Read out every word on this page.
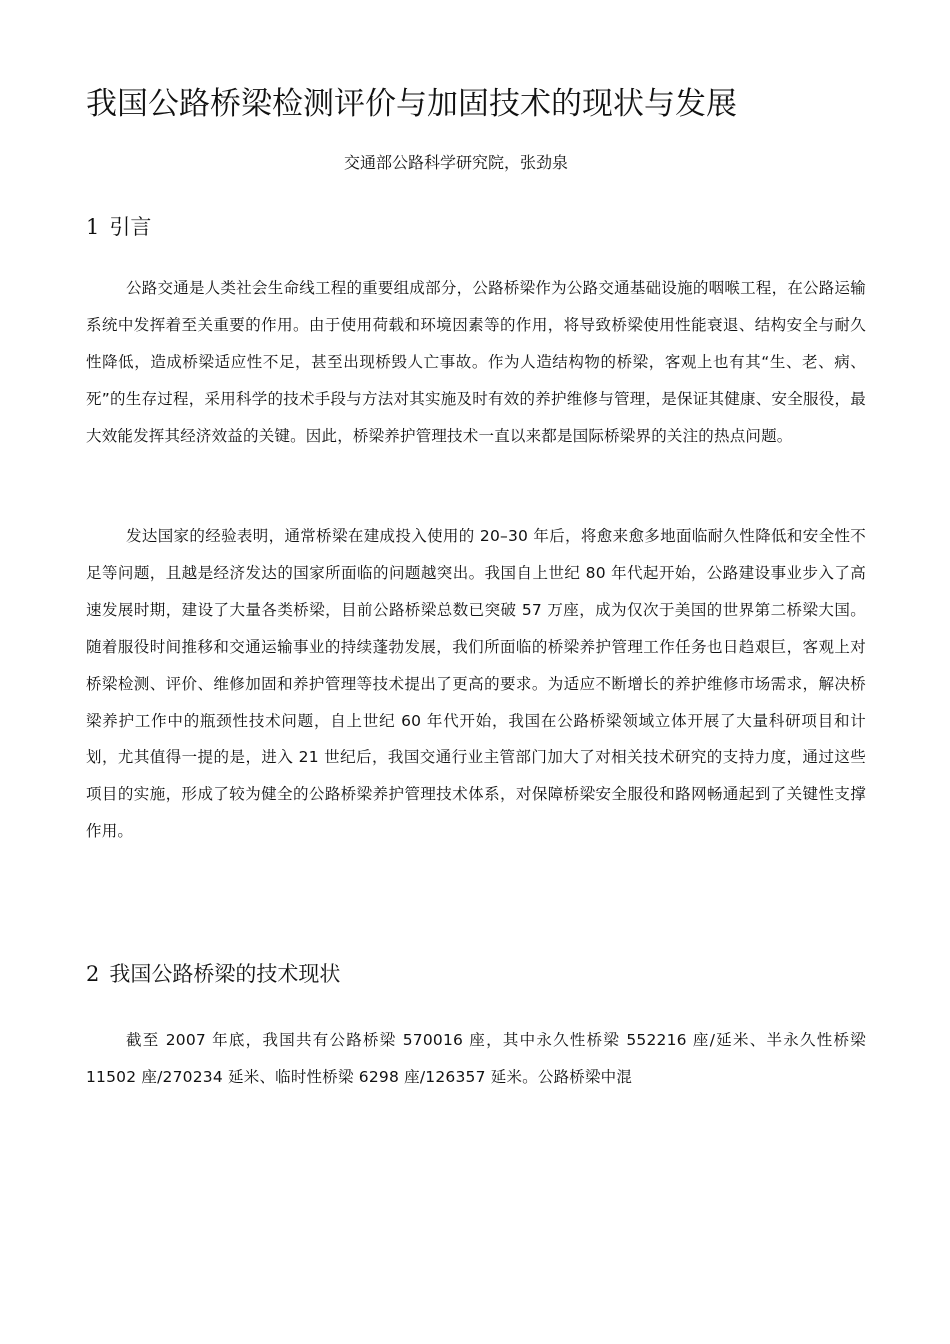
我国公路桥梁检测评价与加固技术的现状与发展
交通部公路科学研究院，张劲泉
1 引言

公路交通是人类社会生命线工程的重要组成部分，公路桥梁作为公路交通基础设施的咽喉工程，在公路运输系统中发挥着至关重要的作用。由于使用荷载和环境因素等的作用，将导致桥梁使用性能衰退、结构安全与耐久性降低，造成桥梁适应性不足，甚至出现桥毁人亡事故。作为人造结构物的桥梁，客观上也有其“生、老、病、死”的生存过程，采用科学的技术手段与方法对其实施及时有效的养护维修与管理，是保证其健康、安全服役，最大效能发挥其经济效益的关键。因此，桥梁养护管理技术一直以来都是国际桥梁界的关注的热点问题。

发达国家的经验表明，通常桥梁在建成投入使用的 20–30 年后，将愈来愈多地面临耐久性降低和安全性不足等问题，且越是经济发达的国家所面临的问题越突出。我国自上世纪 80 年代起开始，公路建设事业步入了高速发展时期，建设了大量各类桥梁，目前公路桥梁总数已突破 57 万座，成为仅次于美国的世界第二桥梁大国。随着服役时间推移和交通运输事业的持续蓬勃发展，我们所面临的桥梁养护管理工作任务也日趋艰巨，客观上对桥梁检测、评价、维修加固和养护管理等技术提出了更高的要求。为适应不断增长的养护维修市场需求，解决桥梁养护工作中的瓶颈性技术问题，自上世纪 60 年代开始，我国在公路桥梁领域立体开展了大量科研项目和计划，尤其值得一提的是，进入 21 世纪后，我国交通行业主管部门加大了对相关技术研究的支持力度，通过这些项目的实施，形成了较为健全的公路桥梁养护管理技术体系，对保障桥梁安全服役和路网畅通起到了关键性支撑作用。

2 我国公路桥梁的技术现状

截至 2007 年底，我国共有公路桥梁 570016 座，其中永久性桥梁 552216 座/延米、半永久性桥梁 11502 座/270234 延米、临时性桥梁 6298 座/126357 延米。公路桥梁中混
